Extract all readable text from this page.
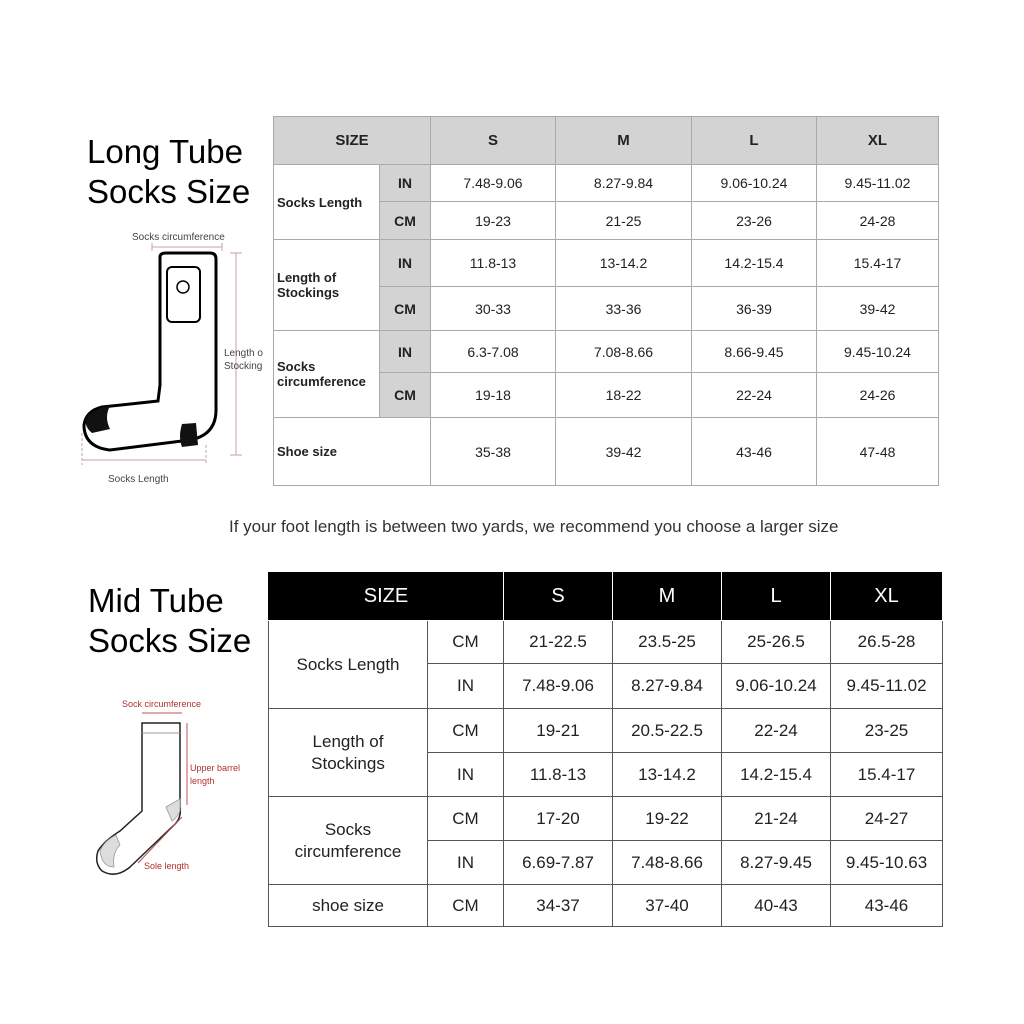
Long Tube
Socks Size
Socks circumference
Length o
Stocking
Socks Length
SIZE		S	M	L	XL
Socks Length	IN	7.48-9.06	8.27-9.84	9.06-10.24	9.45-11.02
	CM	19-23	21-25	23-26	24-28
Length of Stockings	IN	11.8-13	13-14.2	14.2-15.4	15.4-17
	CM	30-33	33-36	36-39	39-42
Socks circumference	IN	6.3-7.08	7.08-8.66	8.66-9.45	9.45-10.24
	CM	19-18	18-22	22-24	24-26
Shoe size		35-38	39-42	43-46	47-48
If your foot length is between two yards, we recommend you choose a larger size
Mid Tube
Socks Size
Sock circumference
Upper barrel
length
Sole length
SIZE		S	M	L	XL
Socks Length	CM	21-22.5	23.5-25	25-26.5	26.5-28
	IN	7.48-9.06	8.27-9.84	9.06-10.24	9.45-11.02
Length of
Stockings	CM	19-21	20.5-22.5	22-24	23-25
	IN	11.8-13	13-14.2	14.2-15.4	15.4-17
Socks
circumference	CM	17-20	19-22	21-24	24-27
	IN	6.69-7.87	7.48-8.66	8.27-9.45	9.45-10.63
shoe size	CM	34-37	37-40	40-43	43-46
